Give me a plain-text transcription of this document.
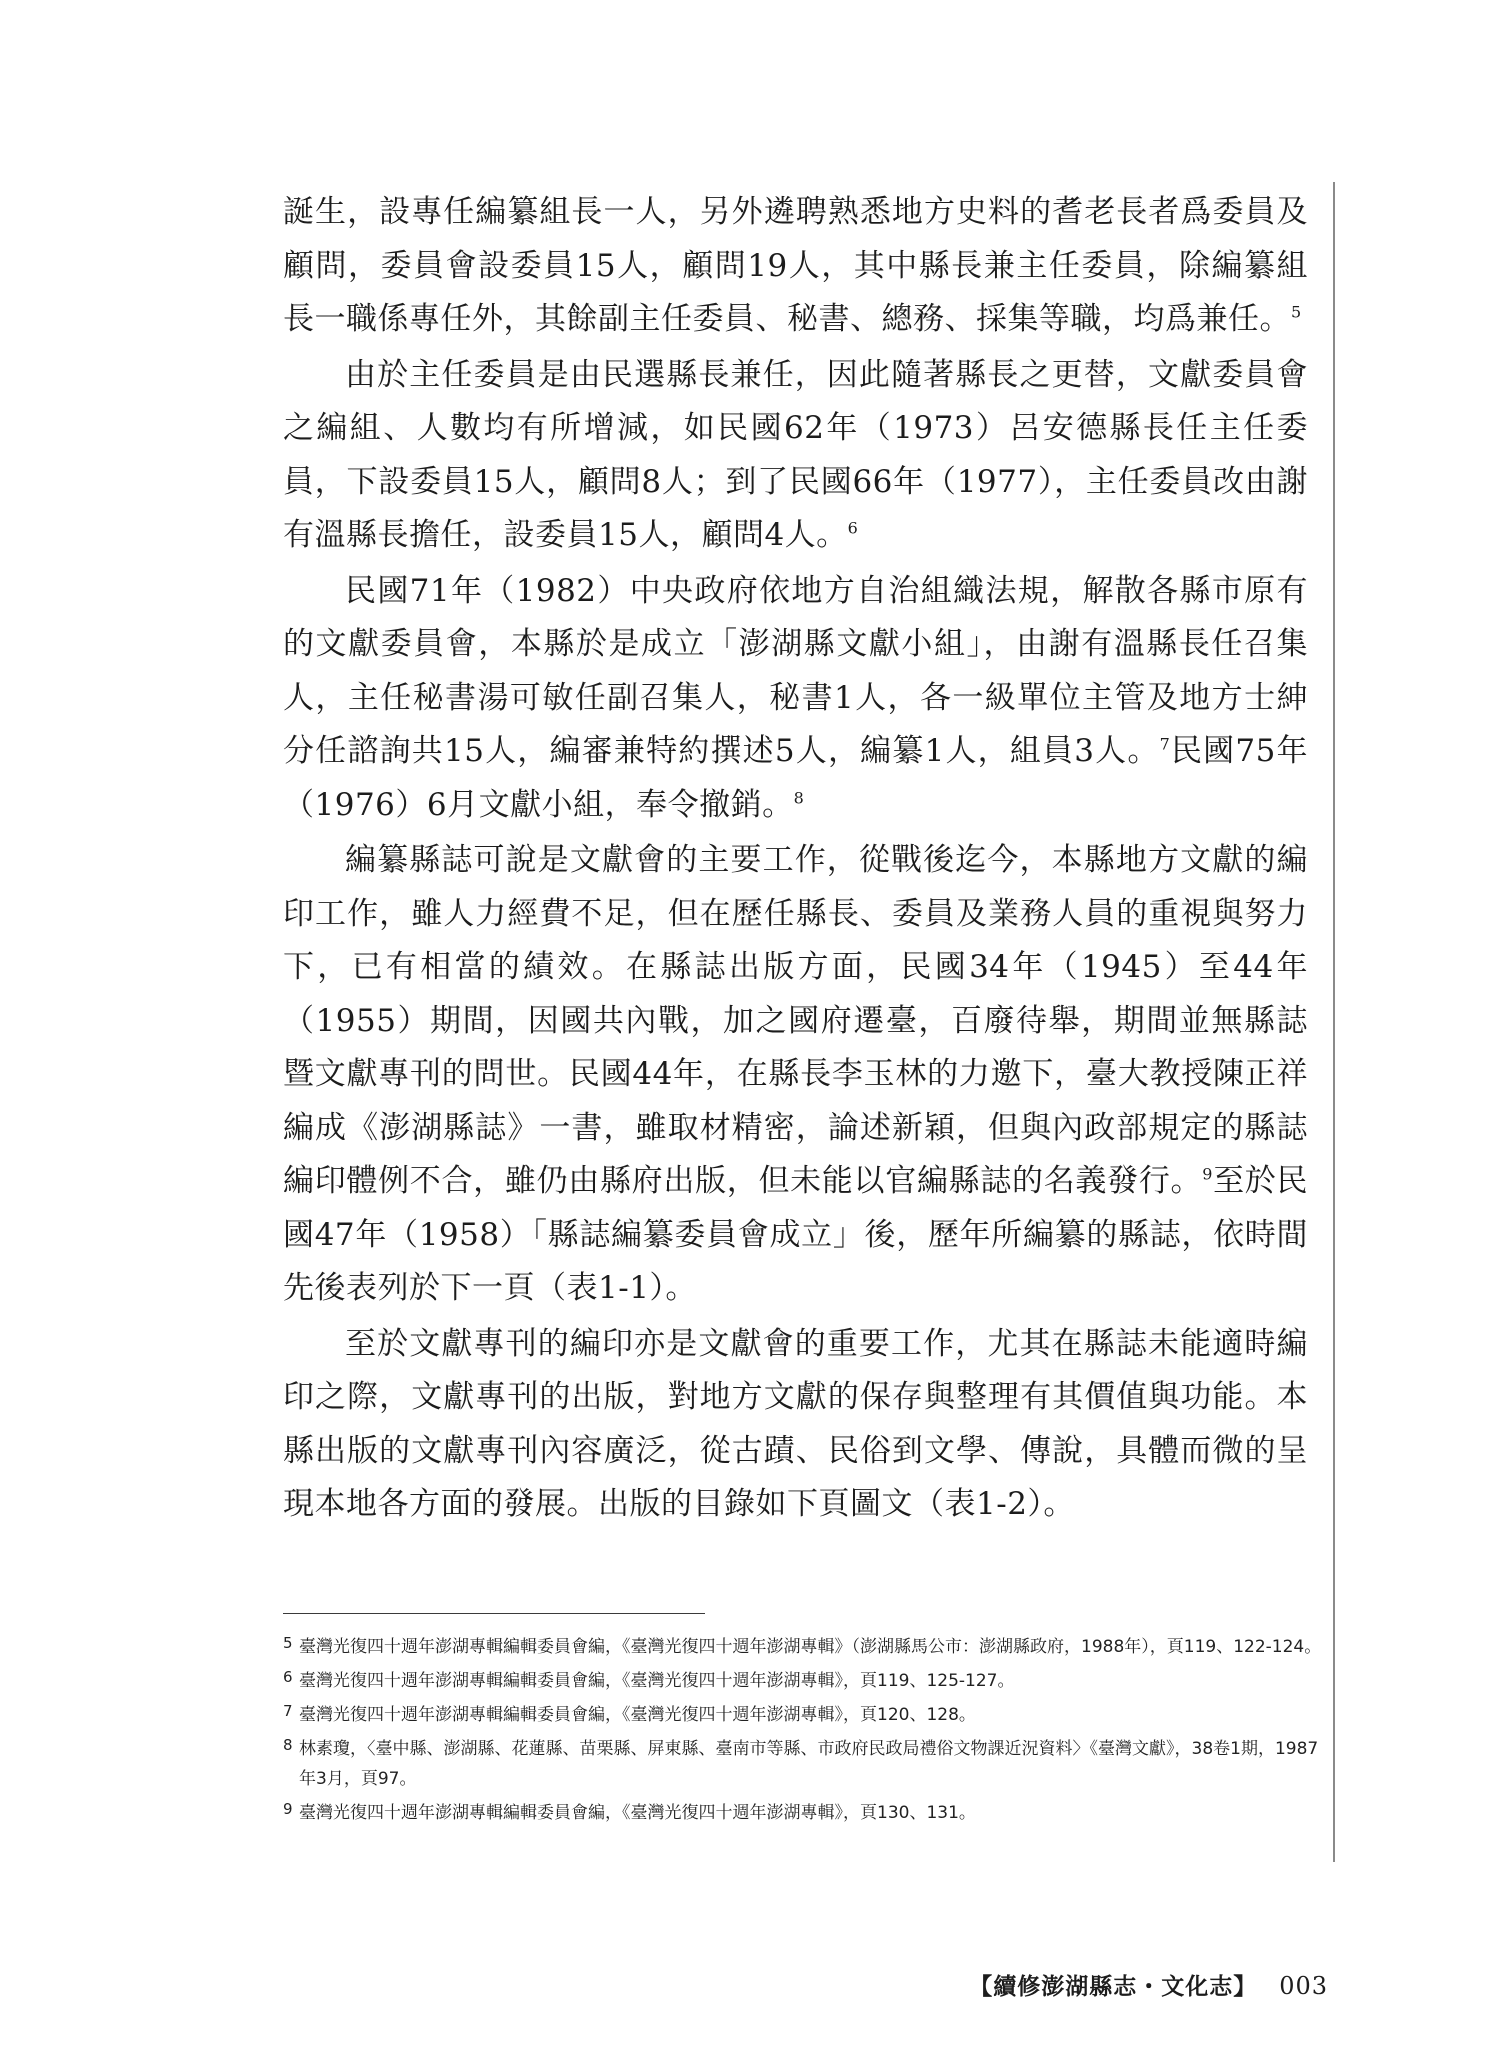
誕生，設專任編纂組長一人，另外遴聘熟悉地方史料的耆老長者爲委員及顧問，委員會設委員15人，顧問19人，其中縣長兼主任委員，除編纂組長一職係專任外，其餘副主任委員、秘書、總務、採集等職，均爲兼任。$^5$

由於主任委員是由民選縣長兼任，因此隨著縣長之更替，文獻委員會之編組、人數均有所增減，如民國62年（1973）呂安德縣長任主任委員，下設委員15人，顧問8人；到了民國66年（1977），主任委員改由謝有溫縣長擔任，設委員15人，顧問4人。$^6$

民國71年（1982）中央政府依地方自治組織法規，解散各縣市原有的文獻委員會，本縣於是成立「澎湖縣文獻小組」，由謝有溫縣長任召集人，主任秘書湯可敏任副召集人，秘書1人，各一級單位主管及地方士紳分任諮詢共15人，編審兼特約撰述5人，編纂1人，組員3人。$^7$民國75年（1976）6月文獻小組，奉令撤銷。$^8$

編纂縣誌可說是文獻會的主要工作，從戰後迄今，本縣地方文獻的編印工作，雖人力經費不足，但在歷任縣長、委員及業務人員的重視與努力下，已有相當的績效。在縣誌出版方面，民國34年（1945）至44年（1955）期間，因國共內戰，加之國府遷臺，百廢待舉，期間並無縣誌暨文獻專刊的問世。民國44年，在縣長李玉林的力邀下，臺大教授陳正祥編成《澎湖縣誌》一書，雖取材精密，論述新穎，但與內政部規定的縣誌編印體例不合，雖仍由縣府出版，但未能以官編縣誌的名義發行。$^9$至於民國47年（1958）「縣誌編纂委員會成立」後，歷年所編纂的縣誌，依時間先後表列於下一頁（表1-1）。

至於文獻專刊的編印亦是文獻會的重要工作，尤其在縣誌未能適時編印之際，文獻專刊的出版，對地方文獻的保存與整理有其價值與功能。本縣出版的文獻專刊內容廣泛，從古蹟、民俗到文學、傳說，具體而微的呈現本地各方面的發展。出版的目錄如下頁圖文（表1-2）。

5 臺灣光復四十週年澎湖專輯編輯委員會編，《臺灣光復四十週年澎湖專輯》（澎湖縣馬公市：澎湖縣政府，1988年），頁119、122-124。
6 臺灣光復四十週年澎湖專輯編輯委員會編，《臺灣光復四十週年澎湖專輯》，頁119、125-127。
7 臺灣光復四十週年澎湖專輯編輯委員會編，《臺灣光復四十週年澎湖專輯》，頁120、128。
8 林素瓊，〈臺中縣、澎湖縣、花蓮縣、苗栗縣、屏東縣、臺南市等縣、市政府民政局禮俗文物課近況資料〉《臺灣文獻》，38卷1期，1987年3月，頁97。
9 臺灣光復四十週年澎湖專輯編輯委員會編，《臺灣光復四十週年澎湖專輯》，頁130、131。
【續修澎湖縣志・文化志】 003
